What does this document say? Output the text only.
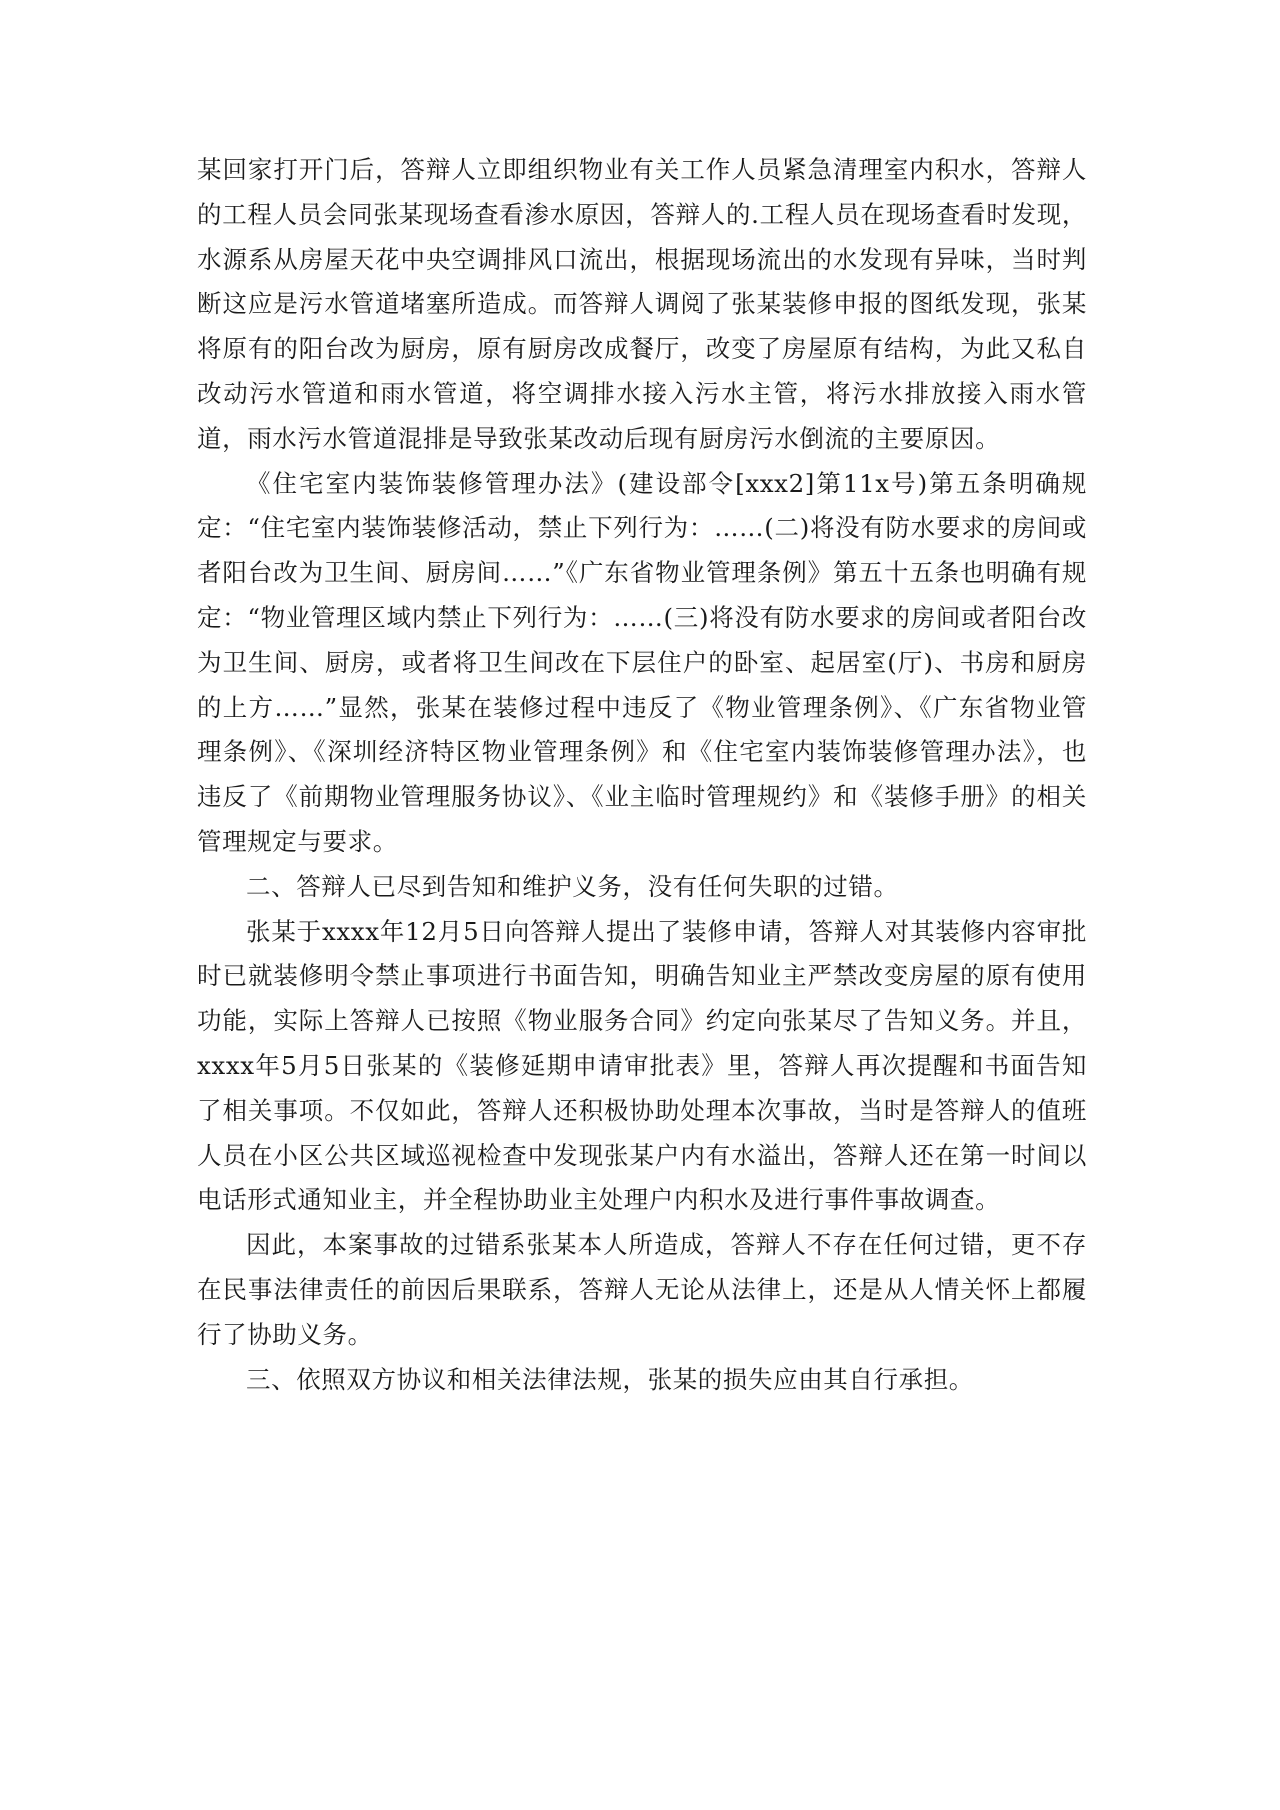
某回家打开门后，答辩人立即组织物业有关工作人员紧急清理室内积水，答辩人的工程人员会同张某现场查看渗水原因，答辩人的.工程人员在现场查看时发现，水源系从房屋天花中央空调排风口流出，根据现场流出的水发现有异味，当时判断这应是污水管道堵塞所造成。而答辩人调阅了张某装修申报的图纸发现，张某将原有的阳台改为厨房，原有厨房改成餐厅，改变了房屋原有结构，为此又私自改动污水管道和雨水管道，将空调排水接入污水主管，将污水排放接入雨水管道，雨水污水管道混排是导致张某改动后现有厨房污水倒流的主要原因。

《住宅室内装饰装修管理办法》(建设部令[xxx2]第11x号)第五条明确规定：“住宅室内装饰装修活动，禁止下列行为：……(二)将没有防水要求的房间或者阳台改为卫生间、厨房间……”《广东省物业管理条例》第五十五条也明确有规定：“物业管理区域内禁止下列行为：……(三)将没有防水要求的房间或者阳台改为卫生间、厨房，或者将卫生间改在下层住户的卧室、起居室(厅)、书房和厨房的上方……”显然，张某在装修过程中违反了《物业管理条例》、《广东省物业管理条例》、《深圳经济特区物业管理条例》和《住宅室内装饰装修管理办法》，也违反了《前期物业管理服务协议》、《业主临时管理规约》和《装修手册》的相关管理规定与要求。

二、答辩人已尽到告知和维护义务，没有任何失职的过错。

张某于xxxx年12月5日向答辩人提出了装修申请，答辩人对其装修内容审批时已就装修明令禁止事项进行书面告知，明确告知业主严禁改变房屋的原有使用功能，实际上答辩人已按照《物业服务合同》约定向张某尽了告知义务。并且，xxxx年5月5日张某的《装修延期申请审批表》里，答辩人再次提醒和书面告知了相关事项。不仅如此，答辩人还积极协助处理本次事故，当时是答辩人的值班人员在小区公共区域巡视检查中发现张某户内有水溢出，答辩人还在第一时间以电话形式通知业主，并全程协助业主处理户内积水及进行事件事故调查。

因此，本案事故的过错系张某本人所造成，答辩人不存在任何过错，更不存在民事法律责任的前因后果联系，答辩人无论从法律上，还是从人情关怀上都履行了协助义务。

三、依照双方协议和相关法律法规，张某的损失应由其自行承担。
